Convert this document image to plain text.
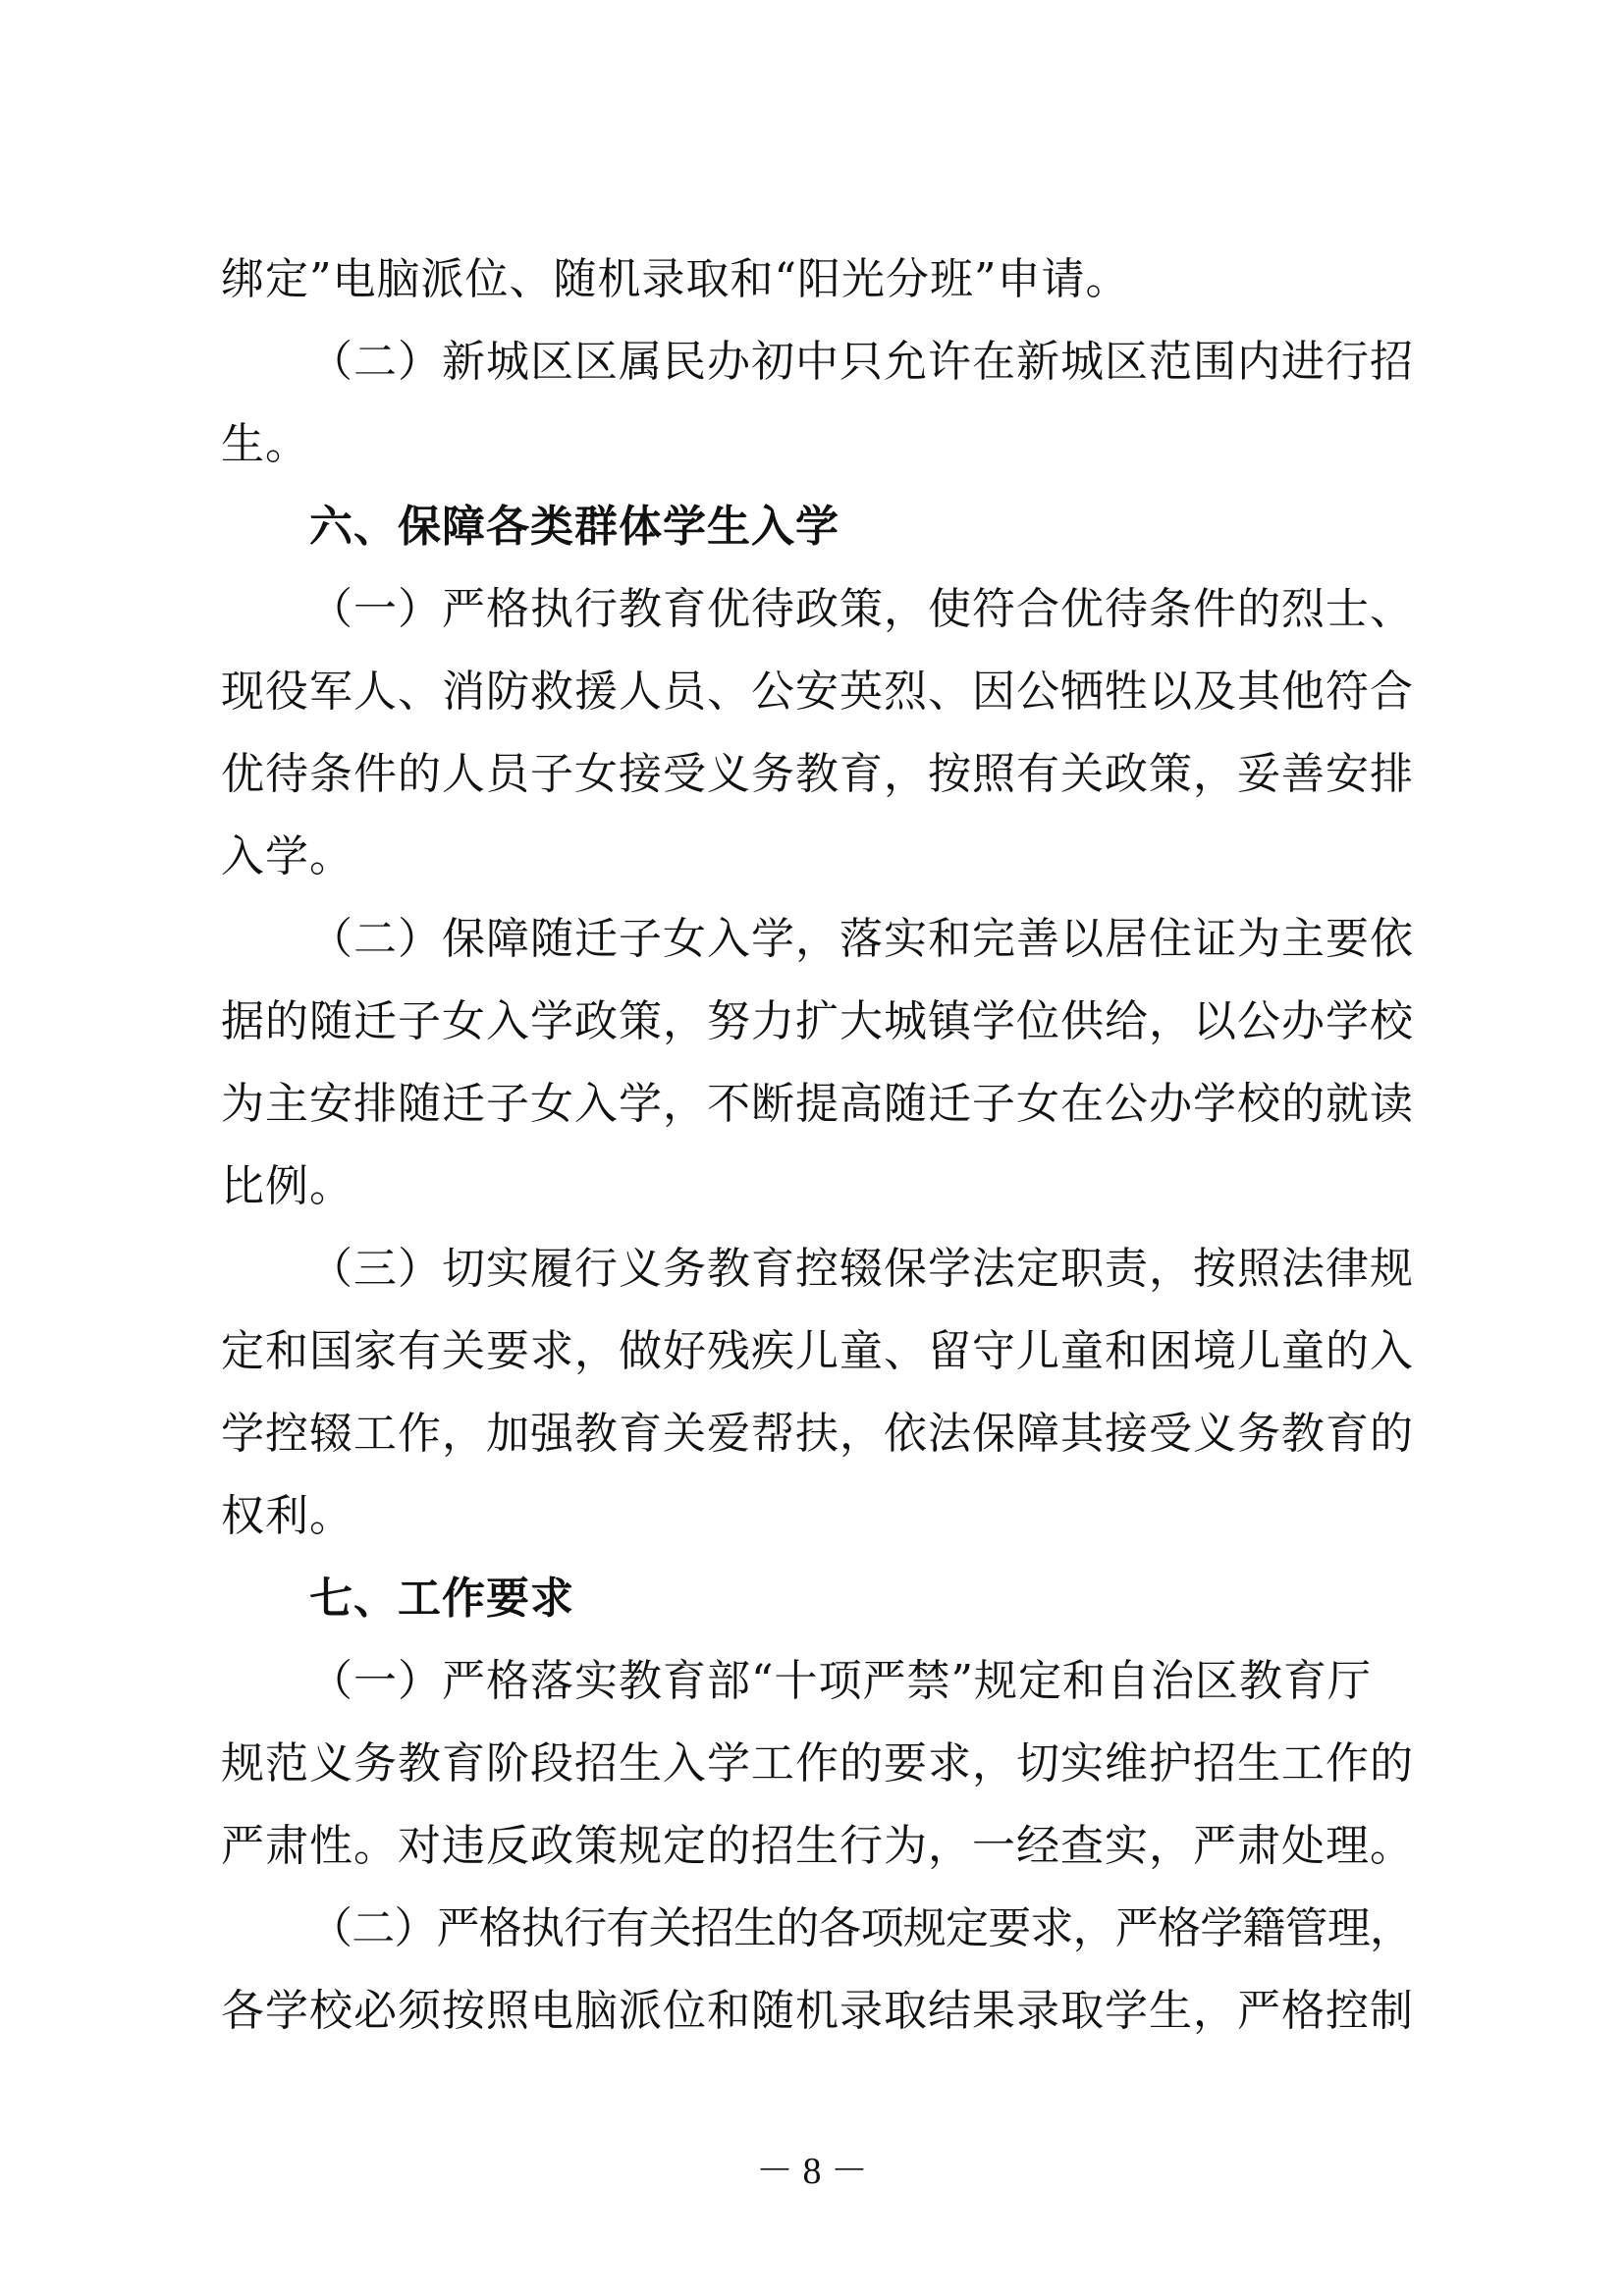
绑定”电脑派位、随机录取和“阳光分班”申请。
（二）新城区区属民办初中只允许在新城区范围内进行招
生。
六、保障各类群体学生入学
（一）严格执行教育优待政策，使符合优待条件的烈士、
现役军人、消防救援人员、公安英烈、因公牺牲以及其他符合
优待条件的人员子女接受义务教育，按照有关政策，妥善安排
入学。
（二）保障随迁子女入学，落实和完善以居住证为主要依
据的随迁子女入学政策，努力扩大城镇学位供给，以公办学校
为主安排随迁子女入学，不断提高随迁子女在公办学校的就读
比例。
（三）切实履行义务教育控辍保学法定职责，按照法律规
定和国家有关要求，做好残疾儿童、留守儿童和困境儿童的入
学控辍工作，加强教育关爱帮扶，依法保障其接受义务教育的
权利。
七、工作要求
（一）严格落实教育部“十项严禁”规定和自治区教育厅
规范义务教育阶段招生入学工作的要求，切实维护招生工作的
严肃性。对违反政策规定的招生行为，一经查实，严肃处理。
（二）严格执行有关招生的各项规定要求，严格学籍管理，
各学校必须按照电脑派位和随机录取结果录取学生，严格控制
－ 8 －
